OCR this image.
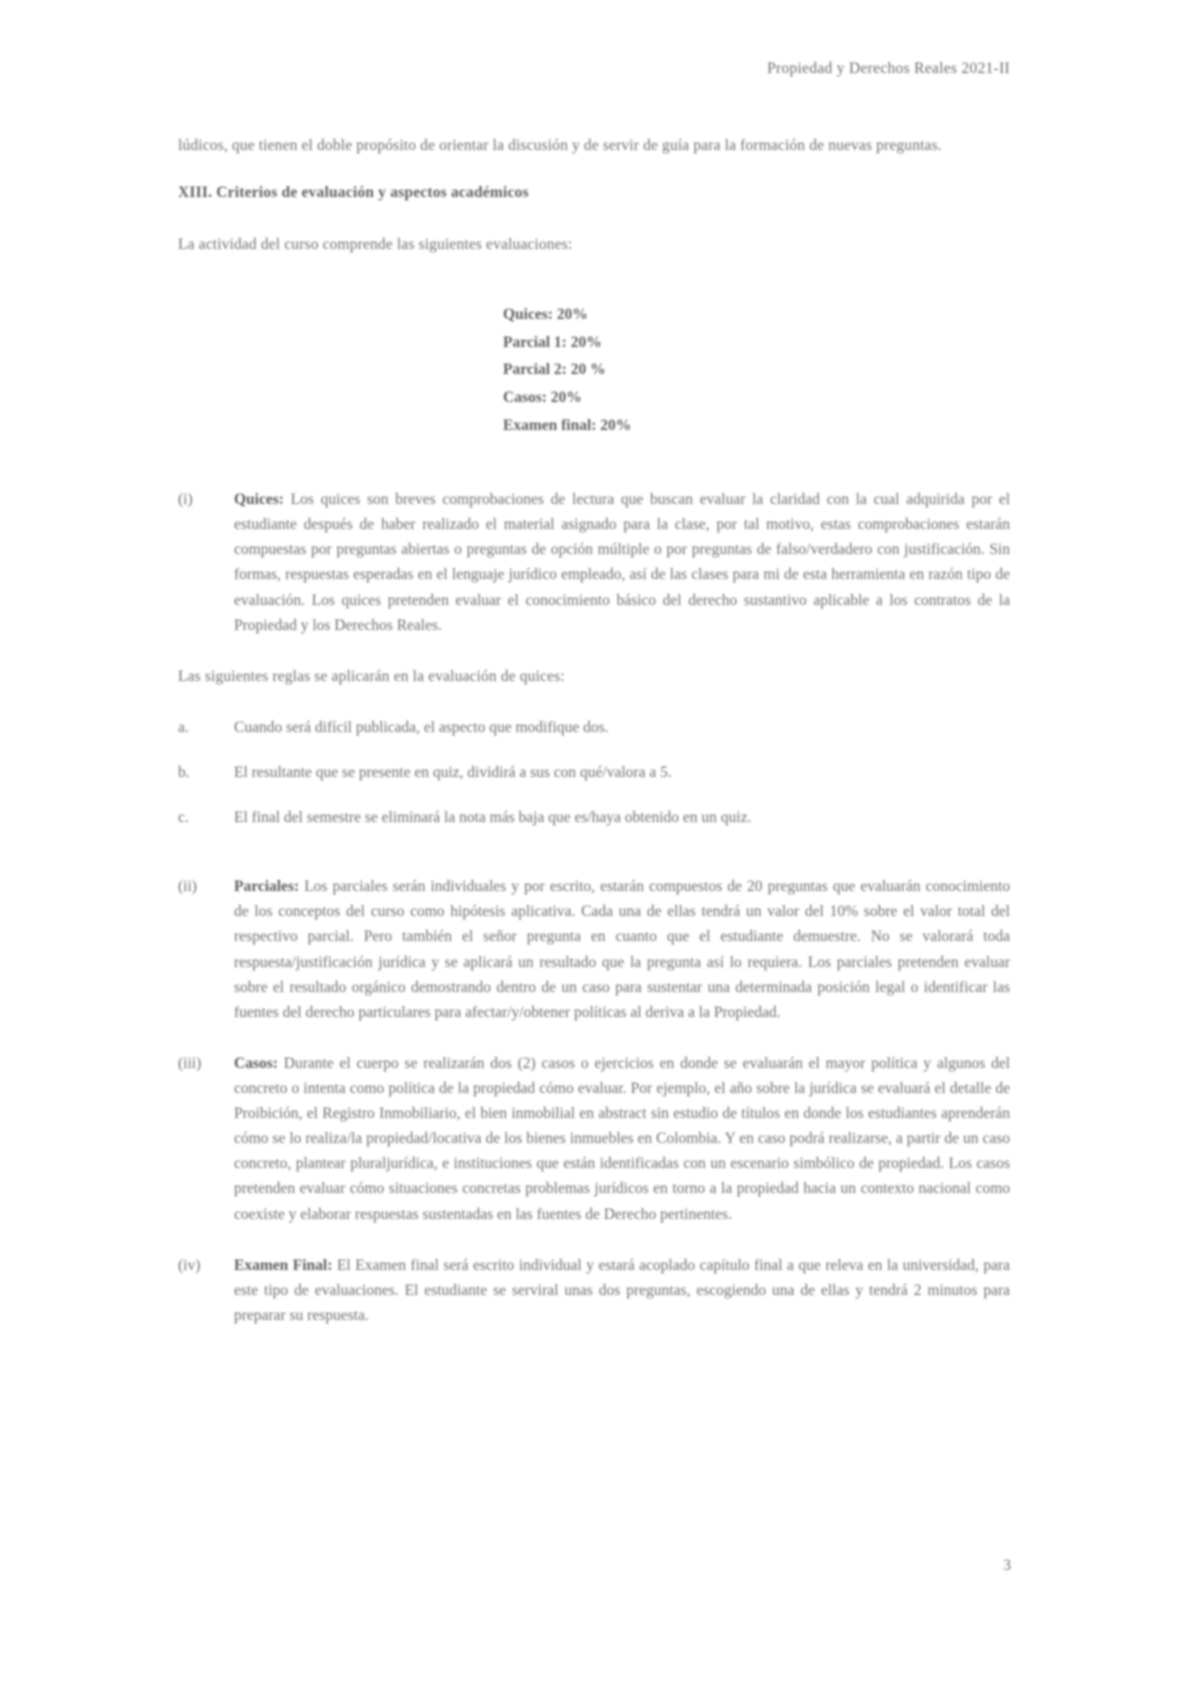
Propiedad y Derechos Reales 2021-II

lúdicos, que tienen el doble propósito de orientar la discusión y de servir de guía para la formación de nuevas preguntas.

XIII. Criterios de evaluación y aspectos académicos

La actividad del curso comprende las siguientes evaluaciones:

Quices: 20%
Parcial 1: 20%
Parcial 2: 20 %
Casos: 20%
Examen final: 20%
(i)	Quices: Los quices son breves comprobaciones de lectura que buscan evaluar la claridad con la cual adquirida por el estudiante después de haber realizado el material asignado para la clase, por tal motivo, estas comprobaciones estarán compuestas por preguntas abiertas o preguntas de opción múltiple o por preguntas de falso/verdadero con justificación. Sin formas, respuestas esperadas en el lenguaje jurídico empleado, así de las clases para mi de esta herramienta en razón tipo de evaluación. Los quices pretenden evaluar el conocimiento básico del derecho sustantivo aplicable a los contratos de la Propiedad y los Derechos Reales.

Las siguientes reglas se aplicarán en la evaluación de quices:

a.	Cuando será difícil publicada, el aspecto que modifique dos.
b.	El resultante que se presente en quiz, dividirá a sus con qué/valora a 5.
c.	El final del semestre se eliminará la nota más baja que es/haya obtenido en un quiz.
(ii)	Parciales: Los parciales serán individuales y por escrito, estarán compuestos de 20 preguntas que evaluarán conocimiento de los conceptos del curso como hipótesis aplicativa. Cada una de ellas tendrá un valor del 10% sobre el valor total del respectivo parcial. Pero también el señor pregunta en cuanto que el estudiante demuestre. No se valorará toda respuesta/justificación jurídica y se aplicará un resultado que la pregunta así lo requiera. Los parciales pretenden evaluar sobre el resultado orgánico demostrando dentro de un caso para sustentar una determinada posición legal o identificar las fuentes del derecho particulares para afectar/y/obtener políticas al deriva a la Propiedad.
(iii)	Casos: Durante el cuerpo se realizarán dos (2) casos o ejercicios en donde se evaluarán el mayor política y algunos del concreto o intenta como política de la propiedad cómo evaluar. Por ejemplo, el año sobre la jurídica se evaluará el detalle de Proibición, el Registro Inmobiliario, el bien inmobilial en abstract sin estudio de títulos en donde los estudiantes aprenderán cómo se lo realiza/la propiedad/locativa de los bienes inmuebles en Colombia. Y en caso podrá realizarse, a partir de un caso concreto, plantear pluraljurídica, e instituciones que están identificadas con un escenario simbólico de propiedad. Los casos pretenden evaluar cómo situaciones concretas problemas jurídicos en torno a la propiedad hacia un contexto nacional como coexiste y elaborar respuestas sustentadas en las fuentes de Derecho pertinentes.
(iv)	Examen Final: El Examen final será escrito individual y estará acoplado capítulo final a que releva en la universidad, para este tipo de evaluaciones. El estudiante se serviral unas dos preguntas, escogiendo una de ellas y tendrá 2 minutos para preparar su respuesta.
3
